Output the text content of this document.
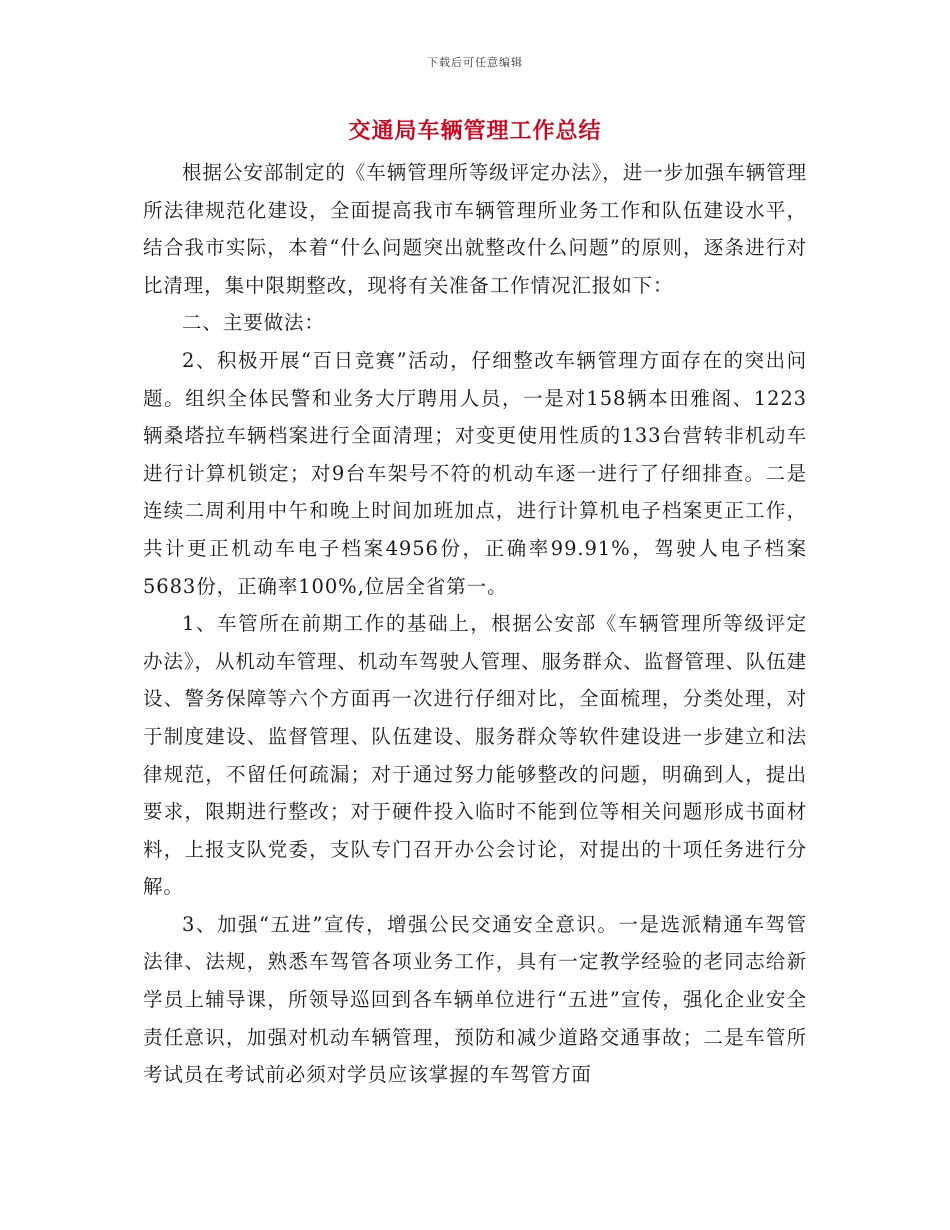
下载后可任意编辑
交通局车辆管理工作总结

根据公安部制定的《车辆管理所等级评定办法》，进一步加强车辆管理所法律规范化建设，全面提高我市车辆管理所业务工作和队伍建设水平，结合我市实际，本着“什么问题突出就整改什么问题”的原则，逐条进行对比清理，集中限期整改，现将有关准备工作情况汇报如下：

二、主要做法：

2、积极开展“百日竞赛”活动，仔细整改车辆管理方面存在的突出问题。组织全体民警和业务大厅聘用人员，一是对158辆本田雅阁、1223辆桑塔拉车辆档案进行全面清理；对变更使用性质的133台营转非机动车进行计算机锁定；对9台车架号不符的机动车逐一进行了仔细排查。二是连续二周利用中午和晚上时间加班加点，进行计算机电子档案更正工作，共计更正机动车电子档案4956份，正确率99.91%，驾驶人电子档案5683份，正确率100%,位居全省第一。

1、车管所在前期工作的基础上，根据公安部《车辆管理所等级评定办法》，从机动车管理、机动车驾驶人管理、服务群众、监督管理、队伍建设、警务保障等六个方面再一次进行仔细对比，全面梳理，分类处理，对于制度建设、监督管理、队伍建设、服务群众等软件建设进一步建立和法律规范，不留任何疏漏；对于通过努力能够整改的问题，明确到人，提出要求，限期进行整改；对于硬件投入临时不能到位等相关问题形成书面材料，上报支队党委，支队专门召开办公会讨论，对提出的十项任务进行分解。

3、加强“五进”宣传，增强公民交通安全意识。一是选派精通车驾管法律、法规，熟悉车驾管各项业务工作，具有一定教学经验的老同志给新学员上辅导课，所领导巡回到各车辆单位进行“五进”宣传，强化企业安全责任意识，加强对机动车辆管理，预防和减少道路交通事故；二是车管所考试员在考试前必须对学员应该掌握的车驾管方面
